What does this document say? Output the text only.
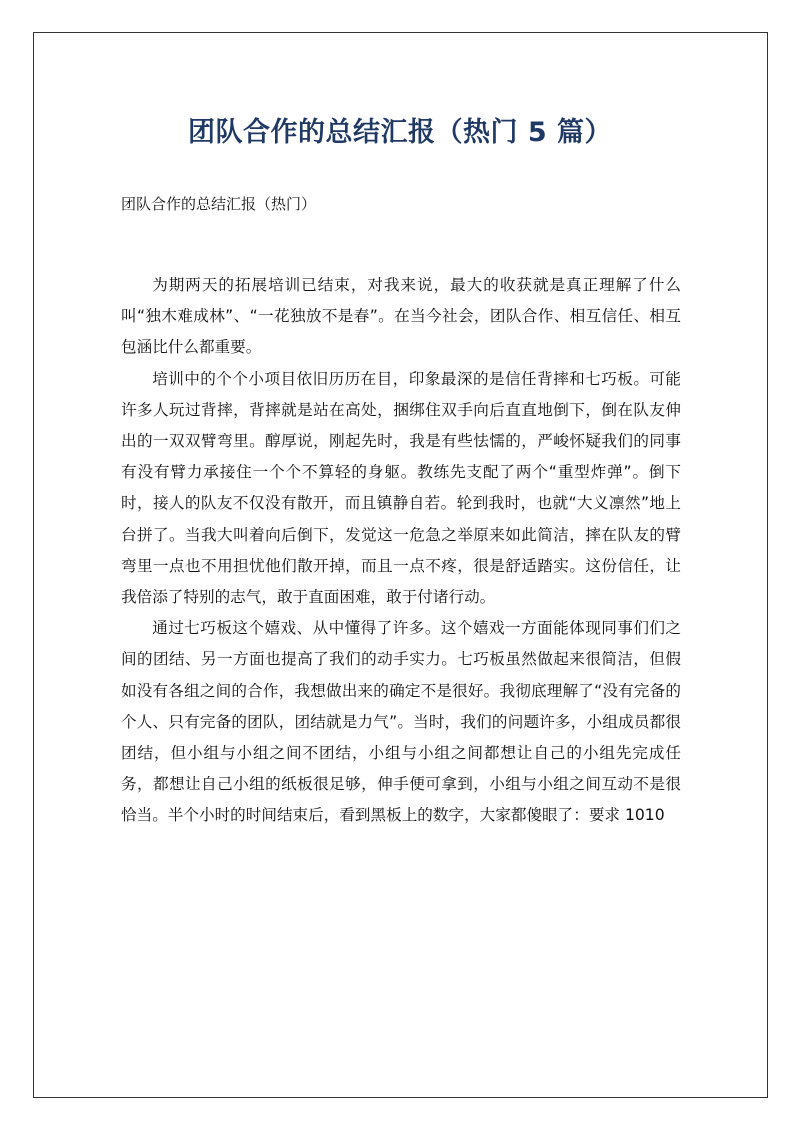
团队合作的总结汇报（热门 5 篇）
团队合作的总结汇报（热门）

为期两天的拓展培训已结束，对我来说，最大的收获就是真正理解了什么叫“独木难成林”、“一花独放不是春”。在当今社会，团队合作、相互信任、相互包涵比什么都重要。

培训中的个个小项目依旧历历在目，印象最深的是信任背摔和七巧板。可能许多人玩过背摔，背摔就是站在高处，捆绑住双手向后直直地倒下，倒在队友伸出的一双双臂弯里。醇厚说，刚起先时，我是有些怯懦的，严峻怀疑我们的同事有没有臂力承接住一个个不算轻的身躯。教练先支配了两个“重型炸弹”。倒下时，接人的队友不仅没有散开，而且镇静自若。轮到我时，也就“大义凛然”地上台拼了。当我大叫着向后倒下，发觉这一危急之举原来如此简洁，摔在队友的臂弯里一点也不用担忧他们散开掉，而且一点不疼，很是舒适踏实。这份信任，让我倍添了特别的志气，敢于直面困难，敢于付诸行动。

通过七巧板这个嬉戏、从中懂得了许多。这个嬉戏一方面能体现同事们们之间的团结、另一方面也提高了我们的动手实力。七巧板虽然做起来很简洁，但假如没有各组之间的合作，我想做出来的确定不是很好。我彻底理解了“没有完备的个人、只有完备的团队，团结就是力气”。当时，我们的问题许多，小组成员都很团结，但小组与小组之间不团结，小组与小组之间都想让自己的小组先完成任务，都想让自己小组的纸板很足够，伸手便可拿到，小组与小组之间互动不是很恰当。半个小时的时间结束后，看到黑板上的数字，大家都傻眼了：要求 1010
